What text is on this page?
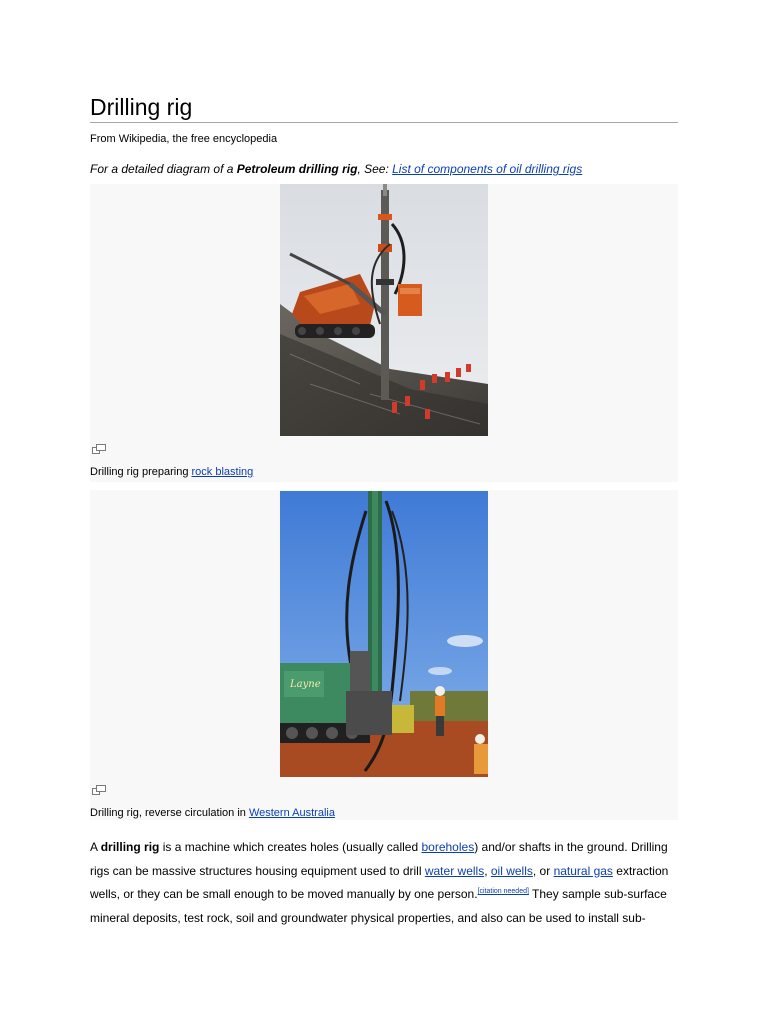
Drilling rig
From Wikipedia, the free encyclopedia
For a detailed diagram of a Petroleum drilling rig, See: List of components of oil drilling rigs
Drilling rig preparing rock blasting
Layne
Drilling rig, reverse circulation in Western Australia
A drilling rig is a machine which creates holes (usually called boreholes) and/or shafts in the ground. Drilling rigs can be massive structures housing equipment used to drill water wells, oil wells, or natural gas extraction wells, or they can be small enough to be moved manually by one person.[citation needed] They sample sub-surface mineral deposits, test rock, soil and groundwater physical properties, and also can be used to install sub-
